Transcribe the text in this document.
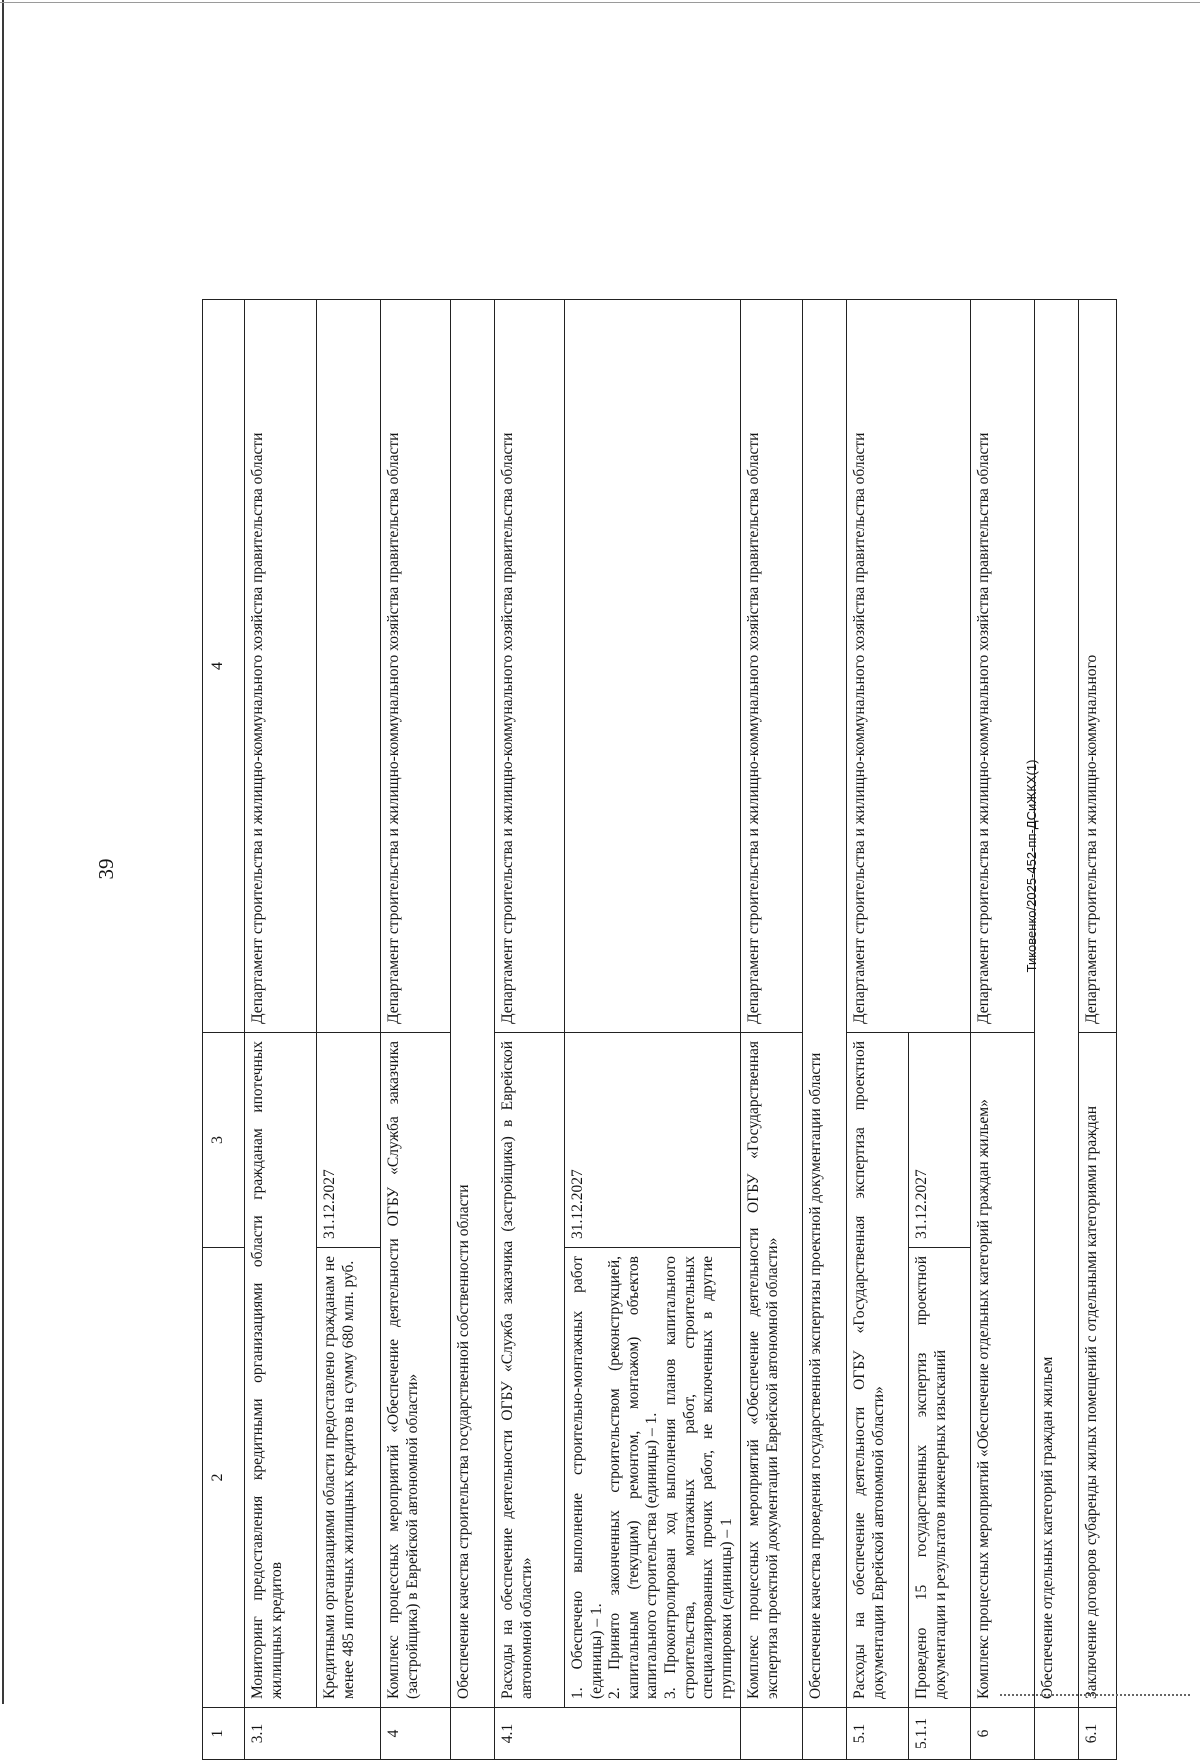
39
1	2	3	4
3.1	Мониторинг предоставления кредитными организациями области гражданам ипотечных жилищных кредитов		Департамент строительства и жилищно-коммунального хозяйства правительства области
	Кредитными организациями области предоставлено гражданам не менее 485 ипотечных жилищных кредитов на сумму 680 млн. руб.	31.12.2027	
4	Комплекс процессных мероприятий «Обеспечение деятельности ОГБУ «Служба заказчика (застройщика) в Еврейской автономной области»		Департамент строительства и жилищно-коммунального хозяйства правительства области
	Обеспечение качества строительства государственной собственности области		
4.1	Расходы на обеспечение деятельности ОГБУ «Служба заказчика (застройщика) в Еврейской автономной области»		Департамент строительства и жилищно-коммунального хозяйства правительства области
	1. Обеспечено выполнение строительно-монтажных работ (единицы) – 1.
2. Принято законченных строительством (реконструкцией, капитальным (текущим) ремонтом, монтажом) объектов капитального строительства (единицы) – 1.
3. Проконтролирован ход выполнения планов капитального строительства, монтажных работ, строительных специализированных прочих работ, не включенных в другие группировки (единицы) – 1	31.12.2027	
	Комплекс процессных мероприятий «Обеспечение деятельности ОГБУ «Государственная экспертиза проектной документации Еврейской автономной области»		Департамент строительства и жилищно-коммунального хозяйства правительства области
	Обеспечение качества проведения государственной экспертизы проектной документации области		
5.1	Расходы на обеспечение деятельности ОГБУ «Государственная экспертиза проектной документации Еврейской автономной области»		Департамент строительства и жилищно-коммунального хозяйства правительства области
5.1.1	Проведено 15 государственных экспертиз проектной документации и результатов инженерных изысканий	31.12.2027	
6	Комплекс процессных мероприятий «Обеспечение отдельных категорий граждан жильем»		Департамент строительства и жилищно-коммунального хозяйства правительства области
	Обеспечение отдельных категорий граждан жильем		
6.1	Заключение договоров субаренды жилых помещений с отдельными категориями граждан		Департамент строительства и жилищно-коммунального
Тиковенко/2025-452-пп-ДСиЖКХ(1)
